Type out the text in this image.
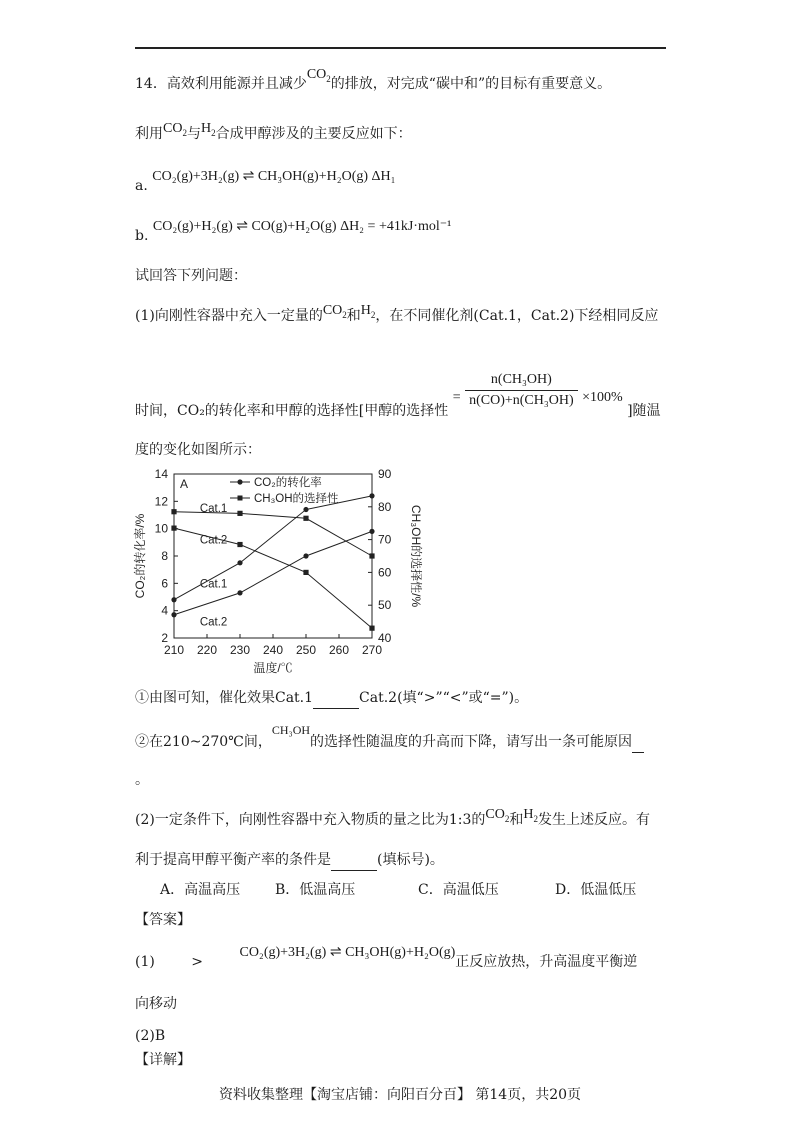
14．高效利用能源并且减少$CO_2$的排放，对完成“碳中和”的目标有重要意义。
利用$CO_2$与$H_2$合成甲醇涉及的主要反应如下：
a. CO₂(g)+3H₂(g) ⇌ CH₃OH(g)+H₂O(g) ΔH₁
b. CO₂(g)+H₂(g) ⇌ CO(g)+H₂O(g) ΔH₂ = +41kJ·mol⁻¹
试回答下列问题：
(1)向刚性容器中充入一定量的$CO_2$和$H_2$，在不同催化剂(Cat.1，Cat.2)下经相同反应
时间，CO₂的转化率和甲醇的选择性[甲醇的选择性 = $\frac{\text{n(CH₃OH)}}{\text{n(CO)+n(CH₃OH)}} \times 100\%$ ]随温
度的变化如图所示：
210 220 230 240 250 260 270
2
4
6
8
10
12
14
40
50
60
70
80
90
温度/℃
CO₂的转化率/%	CH₃OH的选择性/%
A	CO₂的转化率
CH₃OH的选择性
Cat.1
Cat.2
Cat.1
Cat.2
①由图可知，催化效果Cat.1	Cat.2(填“>”“<”或“=”)。
②在210~270℃间，CH₃OH的选择性随温度的升高而下降，请写出一条可能原因
。
(2)一定条件下，向刚性容器中充入物质的量之比为1:3的$CO_2$和$H_2$发生上述反应。有
利于提高甲醇平衡产率的条件是	(填标号)。
A．高温高压 B．低温高压	C．高温低压	D．低温低压
【答案】
(1)	> CO₂(g)+3H₂(g) ⇌ CH₃OH(g)+H₂O(g)正反应放热，升高温度平衡逆
向移动
(2)B
【详解】
资料收集整理【淘宝店铺：向阳百分百】 第14页，共20页
